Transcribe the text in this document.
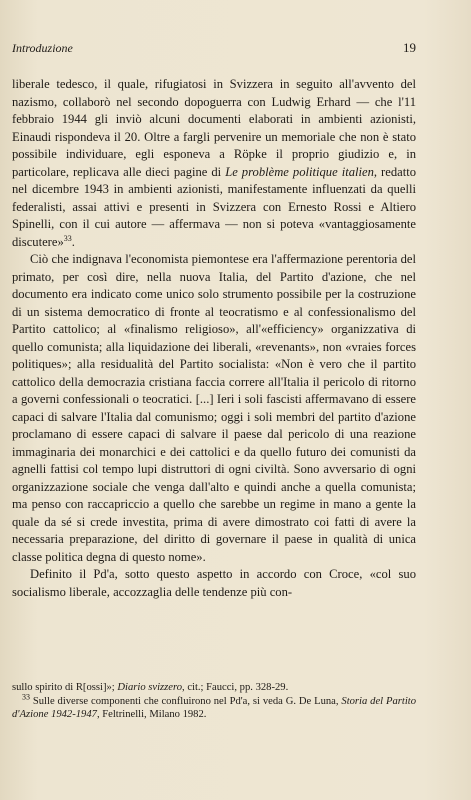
Introduzione	19

liberale tedesco, il quale, rifugiatosi in Svizzera in seguito all'avvento del nazismo, collaborò nel secondo dopoguerra con Ludwig Erhard — che l'11 febbraio 1944 gli inviò alcuni documenti elaborati in ambienti azionisti, Einaudi rispondeva il 20. Oltre a fargli pervenire un memoriale che non è stato possibile individuare, egli esponeva a Röpke il proprio giudizio e, in particolare, replicava alle dieci pagine di Le problème politique italien, redatto nel dicembre 1943 in ambienti azionisti, manifestamente influenzati da quelli federalisti, assai attivi e presenti in Svizzera con Ernesto Rossi e Altiero Spinelli, con il cui autore — affermava — non si poteva «vantaggiosamente discutere»$^{33}$.

Ciò che indignava l'economista piemontese era l'affermazione perentoria del primato, per così dire, nella nuova Italia, del Partito d'azione, che nel documento era indicato come unico solo strumento possibile per la costruzione di un sistema democratico di fronte al teocratismo e al confessionalismo del Partito cattolico; al «finalismo religioso», all'«efficiency» organizzativa di quello comunista; alla liquidazione dei liberali, «revenants», non «vraies forces politiques»; alla residualità del Partito socialista: «Non è vero che il partito cattolico della democrazia cristiana faccia correre all'Italia il pericolo di ritorno a governi confessionali o teocratici. [...] Ieri i soli fascisti affermavano di essere capaci di salvare l'Italia dal comunismo; oggi i soli membri del partito d'azione proclamano di essere capaci di salvare il paese dal pericolo di una reazione immaginaria dei monarchici e dei cattolici e da quello futuro dei comunisti da agnelli fattisi col tempo lupi distruttori di ogni civiltà. Sono avversario di ogni organizzazione sociale che venga dall'alto e quindi anche a quella comunista; ma penso con raccapriccio a quello che sarebbe un regime in mano a gente la quale da sé si crede investita, prima di avere dimostrato coi fatti di avere la necessaria preparazione, del diritto di governare il paese in qualità di unica classe politica degna di questo nome».

Definito il Pd'a, sotto questo aspetto in accordo con Croce, «col suo socialismo liberale, accozzaglia delle tendenze più con-

sullo spirito di R[ossi]»; Diario svizzero, cit.; Faucci, pp. 328-29.

$^{33}$ Sulle diverse componenti che confluirono nel Pd'a, si veda G. De Luna, Storia del Partito d'Azione 1942-1947, Feltrinelli, Milano 1982.
